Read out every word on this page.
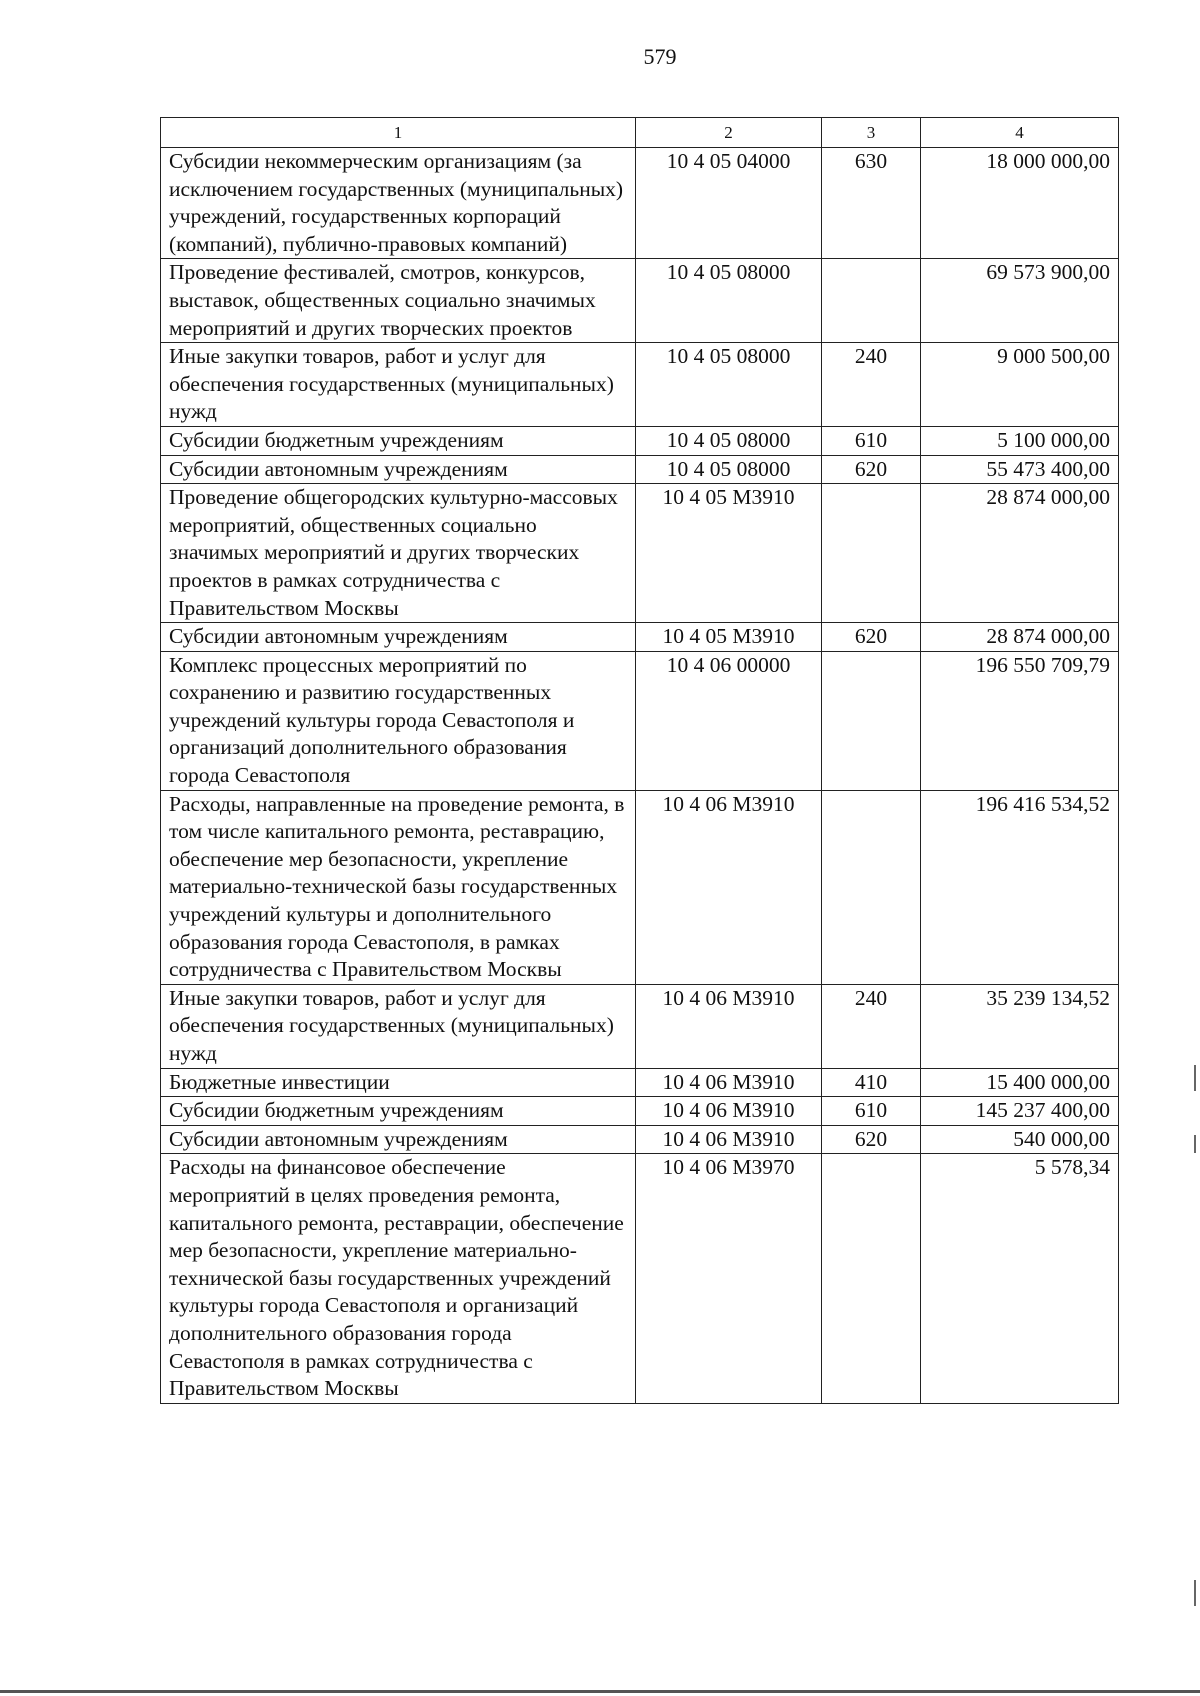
579
1	2	3	4
Субсидии некоммерческим организациям (за исключением государственных (муниципальных) учреждений, государственных корпораций (компаний), публично-правовых компаний)	10 4 05 04000	630	18 000 000,00
Проведение фестивалей, смотров, конкурсов, выставок, общественных социально значимых мероприятий и других творческих проектов	10 4 05 08000		69 573 900,00
Иные закупки товаров, работ и услуг для обеспечения государственных (муниципальных) нужд	10 4 05 08000	240	9 000 500,00
Субсидии бюджетным учреждениям	10 4 05 08000	610	5 100 000,00
Субсидии автономным учреждениям	10 4 05 08000	620	55 473 400,00
Проведение общегородских культурно-массовых мероприятий, общественных социально значимых мероприятий и других творческих проектов в рамках сотрудничества с Правительством Москвы	10 4 05 М3910		28 874 000,00
Субсидии автономным учреждениям	10 4 05 М3910	620	28 874 000,00
Комплекс процессных мероприятий по сохранению и развитию государственных учреждений культуры города Севастополя и организаций дополнительного образования города Севастополя	10 4 06 00000		196 550 709,79
Расходы, направленные на проведение ремонта, в том числе капитального ремонта, реставрацию, обеспечение мер безопасности, укрепление материально-технической базы государственных учреждений культуры и дополнительного образования города Севастополя, в рамках сотрудничества с Правительством Москвы	10 4 06 М3910		196 416 534,52
Иные закупки товаров, работ и услуг для обеспечения государственных (муниципальных) нужд	10 4 06 М3910	240	35 239 134,52
Бюджетные инвестиции	10 4 06 М3910	410	15 400 000,00
Субсидии бюджетным учреждениям	10 4 06 М3910	610	145 237 400,00
Субсидии автономным учреждениям	10 4 06 М3910	620	540 000,00
Расходы на финансовое обеспечение мероприятий в целях проведения ремонта, капитального ремонта, реставрации, обеспечение мер безопасности, укрепление материально-технической базы государственных учреждений культуры города Севастополя и организаций дополнительного образования города Севастополя в рамках сотрудничества с Правительством Москвы	10 4 06 М3970		5 578,34
